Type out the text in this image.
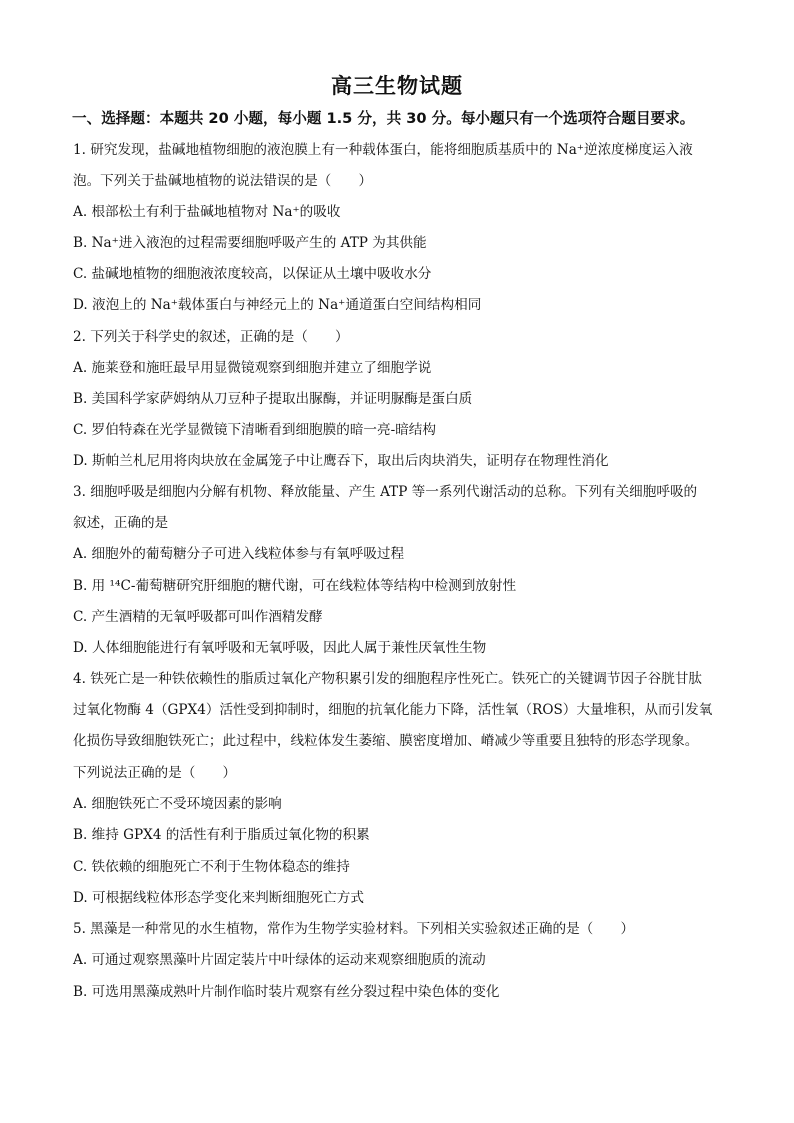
高三生物试题
一、选择题：本题共 20 小题，每小题 1.5 分，共 30 分。每小题只有一个选项符合题目要求。
1. 研究发现，盐碱地植物细胞的液泡膜上有一种载体蛋白，能将细胞质基质中的 Na⁺逆浓度梯度运入液
泡。下列关于盐碱地植物的说法错误的是（　　）
A. 根部松土有利于盐碱地植物对 Na⁺的吸收
B. Na⁺进入液泡的过程需要细胞呼吸产生的 ATP 为其供能
C. 盐碱地植物的细胞液浓度较高，以保证从土壤中吸收水分
D. 液泡上的 Na⁺载体蛋白与神经元上的 Na⁺通道蛋白空间结构相同
2. 下列关于科学史的叙述，正确的是（　　）
A. 施莱登和施旺最早用显微镜观察到细胞并建立了细胞学说
B. 美国科学家萨姆纳从刀豆种子提取出脲酶，并证明脲酶是蛋白质
C. 罗伯特森在光学显微镜下清晰看到细胞膜的暗一亮-暗结构
D. 斯帕兰札尼用将肉块放在金属笼子中让鹰吞下，取出后肉块消失，证明存在物理性消化
3. 细胞呼吸是细胞内分解有机物、释放能量、产生 ATP 等一系列代谢活动的总称。下列有关细胞呼吸的
叙述，正确的是
A. 细胞外的葡萄糖分子可进入线粒体参与有氧呼吸过程
B. 用 ¹⁴C-葡萄糖研究肝细胞的糖代谢，可在线粒体等结构中检测到放射性
C. 产生酒精的无氧呼吸都可叫作酒精发酵
D. 人体细胞能进行有氧呼吸和无氧呼吸，因此人属于兼性厌氧性生物
4. 铁死亡是一种铁依赖性的脂质过氧化产物积累引发的细胞程序性死亡。铁死亡的关键调节因子谷胱甘肽
过氧化物酶 4（GPX4）活性受到抑制时，细胞的抗氧化能力下降，活性氧（ROS）大量堆积，从而引发氧
化损伤导致细胞铁死亡；此过程中，线粒体发生萎缩、膜密度增加、嵴减少等重要且独特的形态学现象。
下列说法正确的是（　　）
A. 细胞铁死亡不受环境因素的影响
B. 维持 GPX4 的活性有利于脂质过氧化物的积累
C. 铁依赖的细胞死亡不利于生物体稳态的维持
D. 可根据线粒体形态学变化来判断细胞死亡方式
5. 黑藻是一种常见的水生植物，常作为生物学实验材料。下列相关实验叙述正确的是（　　）
A. 可通过观察黑藻叶片固定装片中叶绿体的运动来观察细胞质的流动
B. 可选用黑藻成熟叶片制作临时装片观察有丝分裂过程中染色体的变化
